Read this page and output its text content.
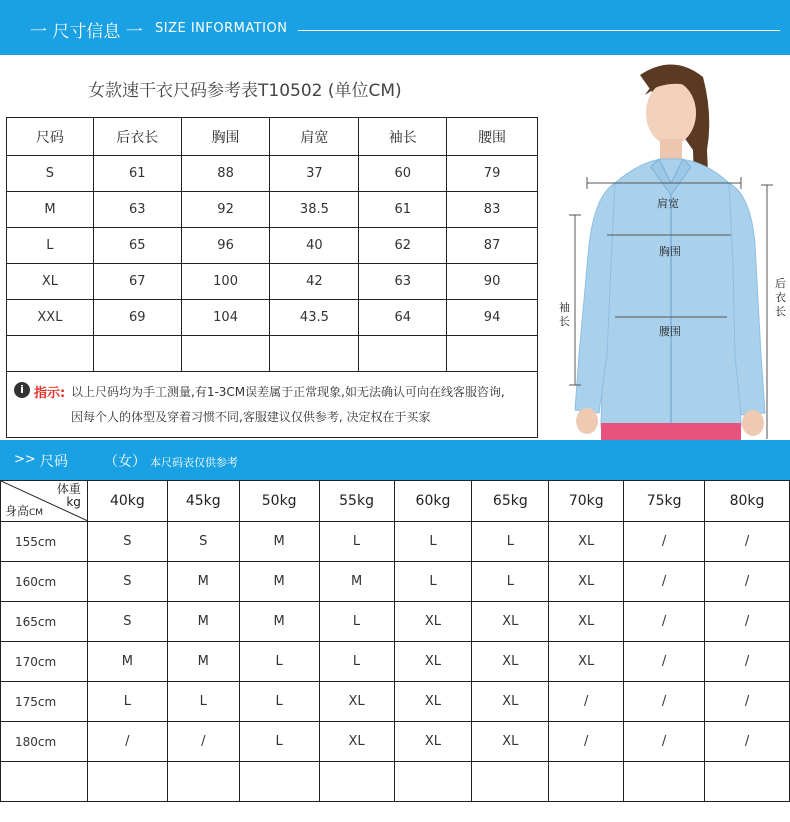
一 尺寸信息 一 SIZE INFORMATION
女款速干衣尺码参考表T10502 (单位CM)
尺码	后衣长	胸围	肩宽	袖长	腰围
S	61	88	37	60	79
M	63	92	38.5	61	83
L	65	96	40	62	87
XL	67	100	42	63	90
XXL	69	104	43.5	64	94

i 指示: 以上尺码均为手工测量,有1-3CM误差属于正常现象,如无法确认可向在线客服咨询,
因每个人的体型及穿着习惯不同,客服建议仅供参考, 决定权在于买家
肩宽
胸围
腰围
袖长
后衣长
>> 尺码	（女） 本尺码表仅供参考
体重
kg
身高CM	40kg	45kg	50kg	55kg	60kg	65kg	70kg	75kg	80kg
155cm	S	S	M	L	L	L	XL	/	/
160cm	S	M	M	M	L	L	XL	/	/
165cm	S	M	M	L	XL	XL	XL	/	/
170cm	M	M	L	L	XL	XL	XL	/	/
175cm	L	L	L	XL	XL	XL	/	/	/
180cm	/	/	L	XL	XL	XL	/	/	/
